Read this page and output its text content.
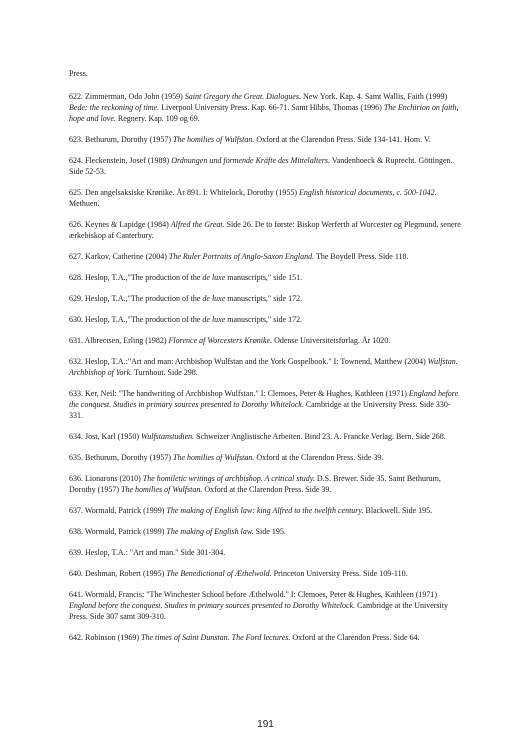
Press.

622. Zimmerman, Odo John (1959) Saint Gregory the Great. Dialogues. New York. Kap. 4. Samt Wallis, Faith (1999) Bede: the reckoning of time. Liverpool University Press. Kap. 66-71. Samt Hibbs, Thomas (1996) The Enchirion on faith, hope and love. Regnery. Kap. 109 og 69.

623. Bethurum, Dorothy (1957) The homilies of Wulfstan. Oxford at the Clarendon Press. Side 134-141. Hom. V.

624. Fleckenstein, Josef (1989) Ordnungen und formende Kräfte des Mittelalters. Vandenhoeck & Ruprecht. Göttingen. Side 52-53.

625. Den angelsaksiske Krønike. År 891. I: Whitelock, Dorothy (1955) English historical documents, c. 500-1042. Methuen.

626. Keynes & Lapidge (1984) Alfred the Great. Side 26. De to første: Biskop Werferth af Worcester og Plegmund, senere ærkebiskop af Canterbury.

627. Karkov, Catherine (2004) The Ruler Portraits of Anglo-Saxon England. The Boydell Press. Side 118.

628. Heslop, T.A.,"The production of the de luxe manuscripts," side 151.

629. Heslop, T.A.,"The production of the de luxe manuscripts," side 172.

630. Heslop, T.A.,"The production of the de luxe manuscripts," side 172.

631. Albrectsen, Erling (1982) Florence af Worcesters Krønike. Odense Universitetsforlag. År 1020.

632. Heslop, T.A.:"Art and man: Archbishop Wulfstan and the York Gospelbook." I: Townend, Matthew (2004) Wulfstan. Archbishop of York. Turnhout. Side 298.

633. Ker, Neil: "The handwriting of Archbishop Wulfstan." I: Clemoes, Peter & Hughes, Kathleen (1971) England before the conquest. Studies in primary sources presented to Dorothy Whitelock. Cambridge at the University Press. Side 330-331.

634. Jost, Karl (1950) Wulfstanstudien. Schweizer Anglistische Arbeiten. Bind 23. A. Francke Verlag. Bern. Side 268.

635. Bethurum, Dorothy (1957) The homilies of Wulfstan. Oxford at the Clarendon Press. Side 39.

636. Lionarons (2010) The homiletic writings of archbishop. A critical study. D.S. Brewer. Side 35. Samt Bethurum, Dorothy (1957) The homilies of Wulfstan. Oxford at the Clarendon Press. Side 39.

637. Wormald, Patrick (1999) The making of English law: king Alfred to the twelfth century. Blackwell. Side 195.

638. Wormald, Patrick (1999) The making of English law. Side 195.

639. Heslop, T.A.: "Art and man." Side 301-304.

640. Deshman, Robert (1995) The Benedictional of Æthelwold. Princeton University Press. Side 109-110.

641. Wormald, Francis: "The Winchester School before Æthelwold." I: Clemoes, Peter & Hughes, Kathleen (1971) England before the conquest. Studies in primary sources presented to Dorothy Whitelock. Cambridge at the University Press. Side 307 samt 309-310.

642. Robinson (1969) The times of Saint Dunstan. The Ford lectures. Oxford at the Clarendon Press. Side 64.

191
